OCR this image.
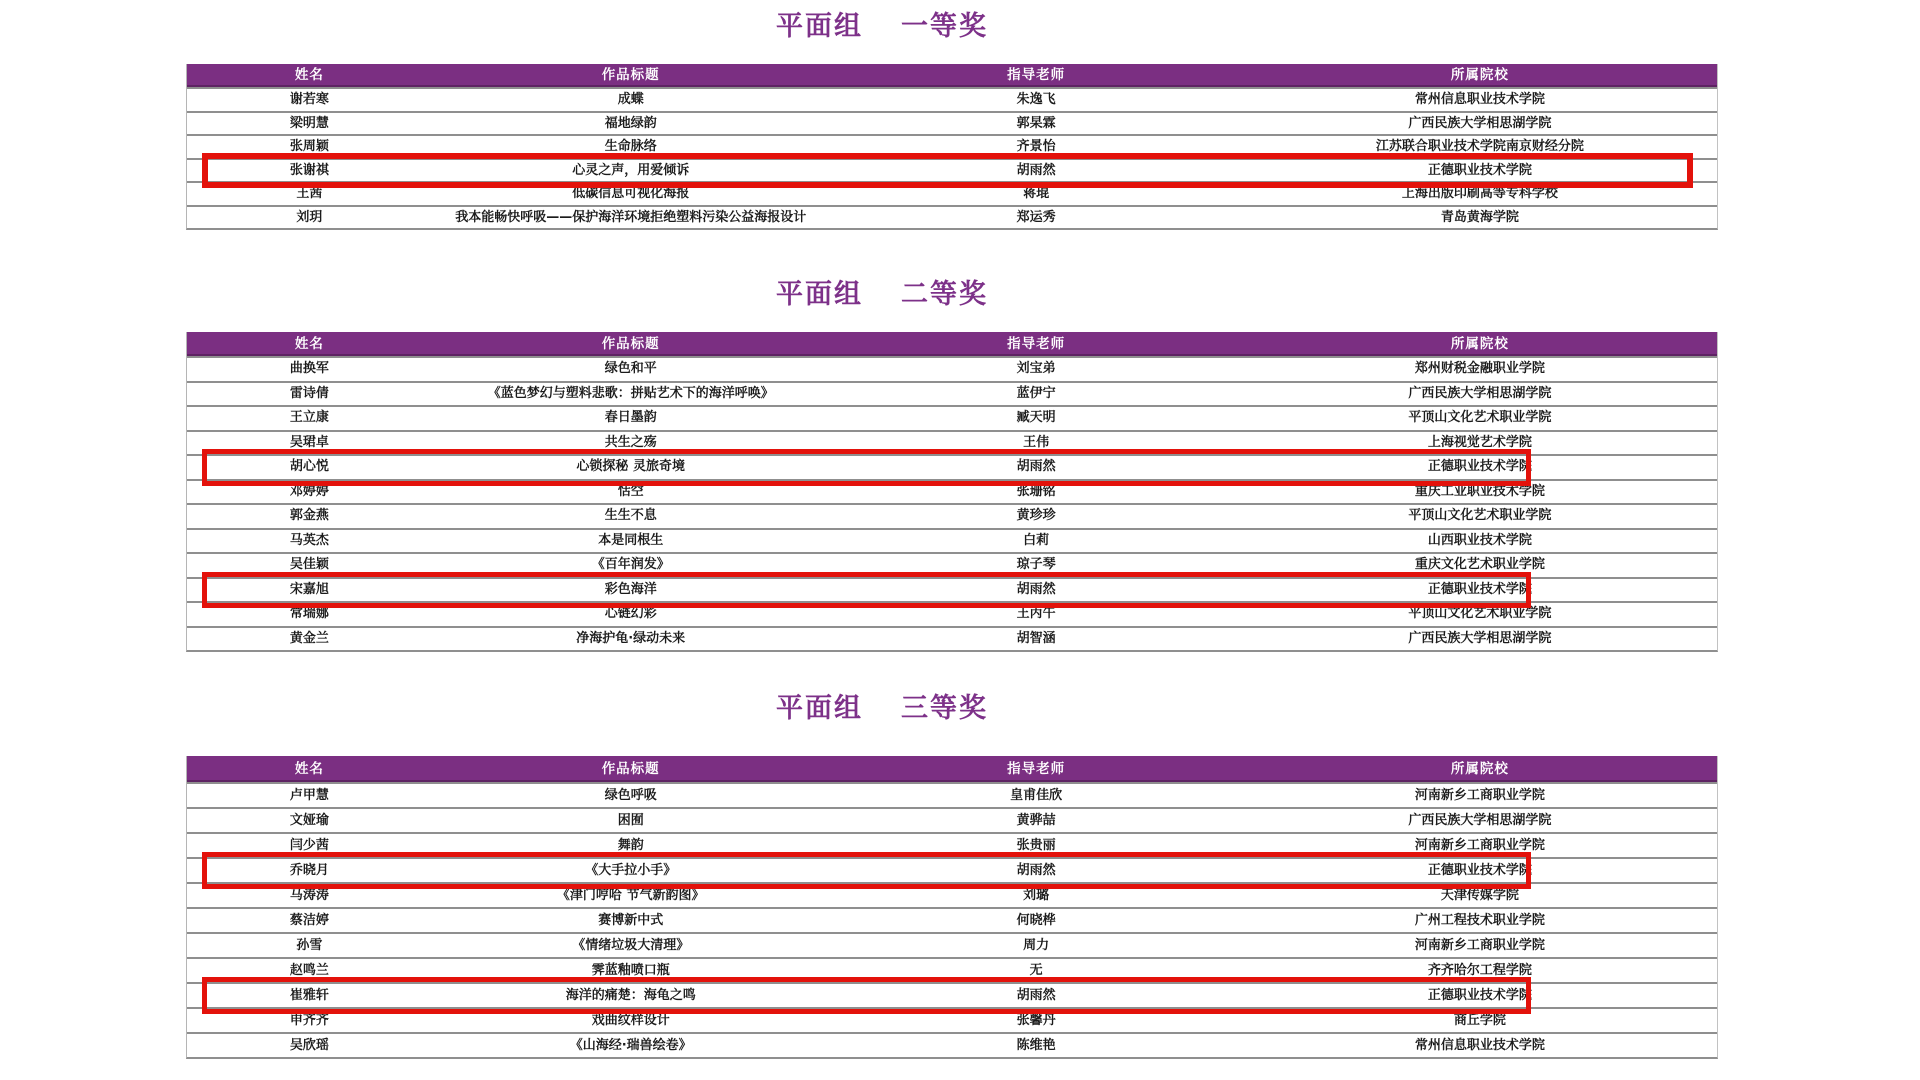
平面组 一等奖
姓名	作品标题	指导老师	所属院校
谢若寒	成蝶	朱逸飞	常州信息职业技术学院
梁明慧	福地绿韵	郭杲霖	广西民族大学相思湖学院
张周颖	生命脉络	齐景怡	江苏联合职业技术学院南京财经分院
张谢祺	心灵之声，用爱倾诉	胡雨然	正德职业技术学院
王茜	低碳信息可视化海报	蒋琨	上海出版印刷高等专科学校
刘玥	我本能畅快呼吸——保护海洋环境拒绝塑料污染公益海报设计	郑运秀	青岛黄海学院
平面组 二等奖
姓名	作品标题	指导老师	所属院校
曲换军	绿色和平	刘宝弟	郑州财税金融职业学院
雷诗倩	《蓝色梦幻与塑料悲歌：拼贴艺术下的海洋呼唤》	蓝伊宁	广西民族大学相思湖学院
王立康	春日墨韵	臧天明	平顶山文化艺术职业学院
吴珺卓	共生之殇	王伟	上海视觉艺术学院
胡心悦	心锁探秘 灵旅奇境	胡雨然	正德职业技术学院
邓婷婷	恬空	张珊铭	重庆工业职业技术学院
郭金燕	生生不息	黄珍珍	平顶山文化艺术职业学院
马英杰	本是同根生	白莉	山西职业技术学院
吴佳颖	《百年润发》	琼子琴	重庆文化艺术职业学院
宋嘉旭	彩色海洋	胡雨然	正德职业技术学院
常瑞娜	心链幻彩	王丙午	平顶山文化艺术职业学院
黄金兰	净海护龟·绿动未来	胡智涵	广西民族大学相思湖学院
平面组 三等奖
姓名	作品标题	指导老师	所属院校
卢甲慧	绿色呼吸	皇甫佳欣	河南新乡工商职业学院
文娅瑜	困囿	黄骅喆	广西民族大学相思湖学院
闫少茜	舞韵	张贵丽	河南新乡工商职业学院
乔晓月	《大手拉小手》	胡雨然	正德职业技术学院
马涛涛	《津门哼哈 节气新韵图》	刘璐	天津传媒学院
蔡洁婷	赛博新中式	何晓桦	广州工程技术职业学院
孙雪	《情绪垃圾大清理》	周力	河南新乡工商职业学院
赵鸣兰	霁蓝釉喷口瓶	无	齐齐哈尔工程学院
崔雅轩	海洋的痛楚：海龟之鸣	胡雨然	正德职业技术学院
申齐齐	戏曲纹样设计	张馨丹	商丘学院
吴欣瑶	《山海经·瑞兽绘卷》	陈维艳	常州信息职业技术学院
